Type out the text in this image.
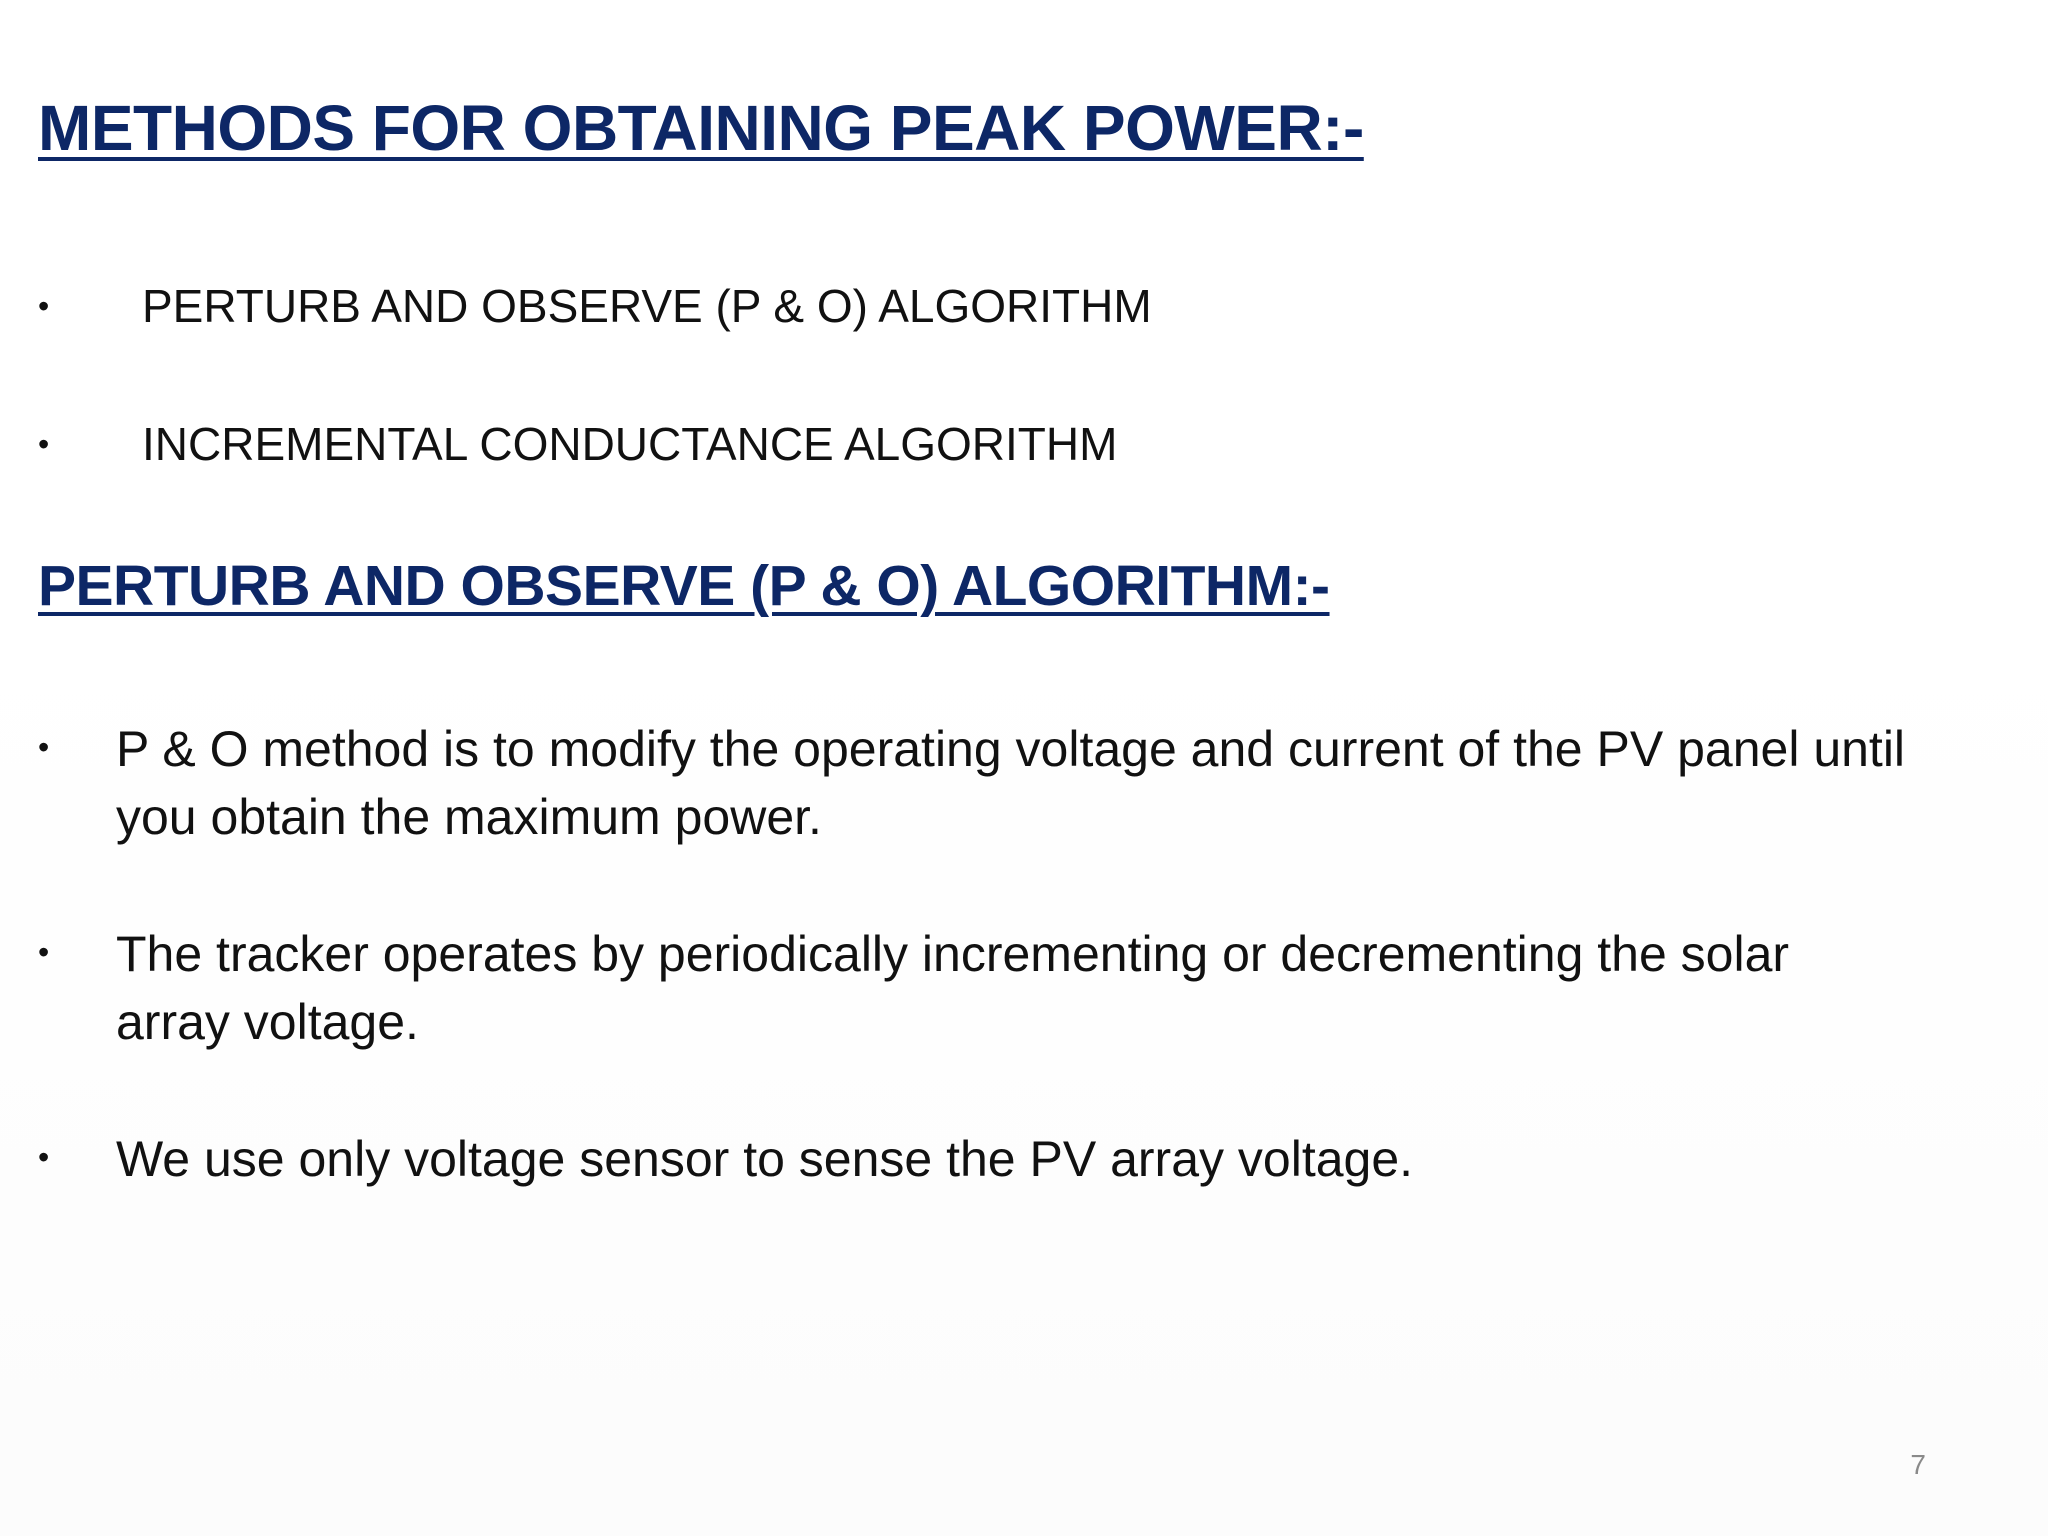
METHODS FOR OBTAINING PEAK POWER:-
• PERTURB AND OBSERVE (P & O) ALGORITHM
• INCREMENTAL CONDUCTANCE ALGORITHM
PERTURB AND OBSERVE (P & O) ALGORITHM:-
• P & O method is to modify the operating voltage and current of the PV panel until you obtain the maximum power.
• The tracker operates by periodically incrementing or decrementing the solar array voltage.
• We use only voltage sensor to sense the PV array voltage.
7
